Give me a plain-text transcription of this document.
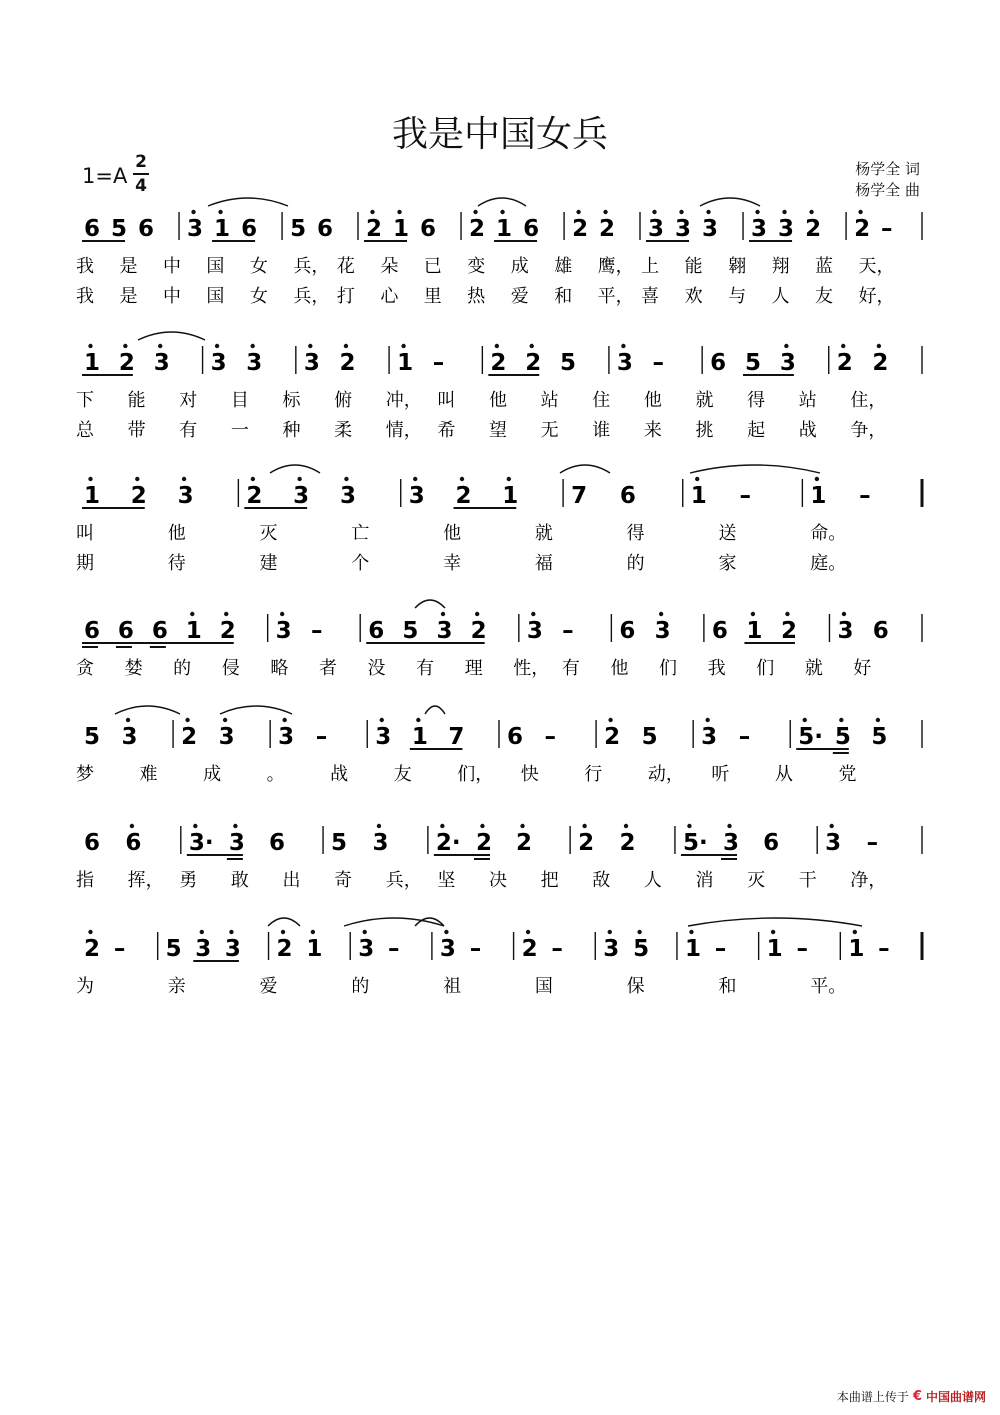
我是中国女兵
1=A
2
4
杨学全 词
杨学全 曲
6 5 6 3 1 6 5 6 2 1 6 2 1 6 2 2 3 3 3 3 3 2 2 –
我 是 中 国 女 兵， 花 朵 已 变 成 雄 鹰， 上 能 翱 翔 蓝 天，
我 是 中 国 女 兵， 打 心 里 热 爱 和 平， 喜 欢 与 人 友 好，
1 2 3 3 3 3 2 1 – 2 2 5 3 – 6 5 3 2 2
下 能 对 目 标 俯 冲， 叫 他 站 住 他 就 得 站 住，
总 带 有 一 种 柔 情， 希 望 无 谁 来 挑 起 战 争，
1 2 3 2 3 3 3 2 1 7 6 1 –	1 –
叫	他	灭	亡	他	就	得	送	命。
期	待	建	个	幸	福	的	家	庭。
6 6 6 1 2 3 – 6 5 3 2 3 – 6 3 6 1 2 3 6
贪 婪 的 侵 略 者 没 有 理 性， 有 他 们 我 们 就 好
5 3 2 3 3 – 3 1 7 6 – 2 5 3 – 5· 5 5
梦	难	成	。	战	友	们， 快	行	动， 听	从	党
6 6 3· 3 6 5 3 2· 2 2 2 2 5· 3 6 3 –
指 挥， 勇 敢 出 奇 兵， 坚 决 把 敌 人 消 灭 干 净，
2 – 5 3 3 2 1 3 – 3 – 2 – 3 5 1 – 1 – 1 –
为	亲	爱	的	祖	国	保	和	平。
本曲谱上传于 € 中国曲谱网
